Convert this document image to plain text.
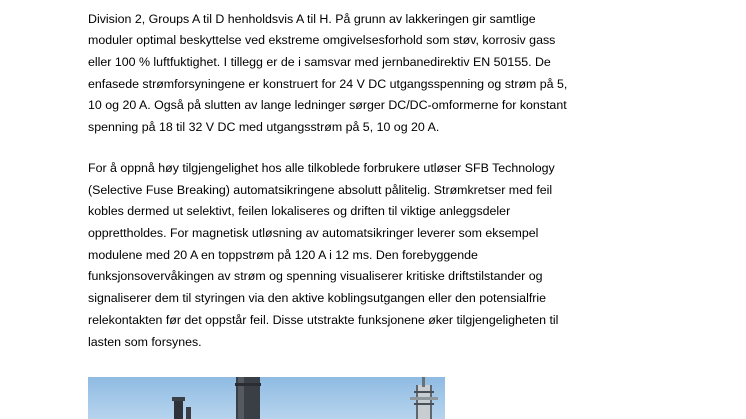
Division 2, Groups A til D henholdsvis A til H. På grunn av lakkeringen gir samtlige
moduler optimal beskyttelse ved ekstreme omgivelsesforhold som støv, korrosiv gass
eller 100 % luftfuktighet. I tillegg er de i samsvar med jernbanedirektiv EN 50155. De
enfasede strømforsyningene er konstruert for 24 V DC utgangsspenning og strøm på 5,
10 og 20 A. Også på slutten av lange ledninger sørger DC/DC-omformerne for konstant
spenning på 18 til 32 V DC med utgangsstrøm på 5, 10 og 20 A.
For å oppnå høy tilgjengelighet hos alle tilkoblede forbrukere utløser SFB Technology
(Selective Fuse Breaking) automatsikringene absolutt pålitelig. Strømkretser med feil
kobles dermed ut selektivt, feilen lokaliseres og driften til viktige anleggsdeler
opprettholdes. For magnetisk utløsning av automatsikringer leverer som eksempel
modulene med 20 A en toppstrøm på 120 A i 12 ms. Den forebyggende
funksjonsovervåkingen av strøm og spenning visualiserer kritiske driftstilstander og
signaliserer dem til styringen via den aktive koblingsutgangen eller den potensialfrie
relekontakten før det oppstår feil. Disse utstrakte funksjonene øker tilgjengeligheten til
lasten som forsynes.
